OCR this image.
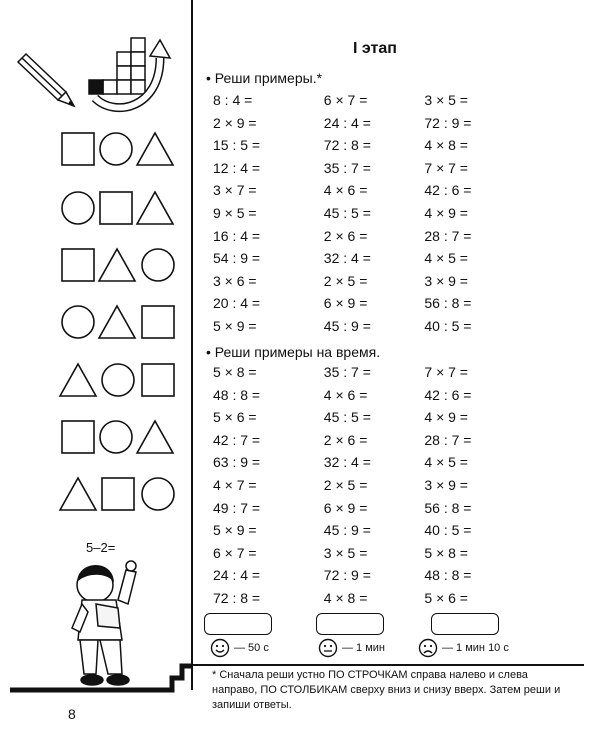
5–2=
I этап
• Реши примеры.*
8 : 4 =	6 × 7 =	3 × 5 =
2 × 9 =	24 : 4 =	72 : 9 =
15 : 5 =	72 : 8 =	4 × 8 =
12 : 4 =	35 : 7 =	7 × 7 =
3 × 7 =	4 × 6 =	42 : 6 =
9 × 5 =	45 : 5 =	4 × 9 =
16 : 4 =	2 × 6 =	28 : 7 =
54 : 9 =	32 : 4 =	4 × 5 =
3 × 6 =	2 × 5 =	3 × 9 =
20 : 4 =	6 × 9 =	56 : 8 =
5 × 9 =	45 : 9 =	40 : 5 =
• Реши примеры на время.
5 × 8 =	35 : 7 =	7 × 7 =
48 : 8 =	4 × 6 =	42 : 6 =
5 × 6 =	45 : 5 =	4 × 9 =
42 : 7 =	2 × 6 =	28 : 7 =
63 : 9 =	32 : 4 =	4 × 5 =
4 × 7 =	2 × 5 =	3 × 9 =
49 : 7 =	6 × 9 =	56 : 8 =
5 × 9 =	45 : 9 =	40 : 5 =
6 × 7 =	3 × 5 =	5 × 8 =
24 : 4 =	72 : 9 =	48 : 8 =
72 : 8 =	4 × 8 =	5 × 6 =
— 50 с	— 1 мин	— 1 мин 10 с
* Сначала реши устно ПО СТРОЧКАМ справа налево и слева направо, ПО СТОЛБИКАМ сверху вниз и снизу вверх. Затем реши и запиши ответы.
8
